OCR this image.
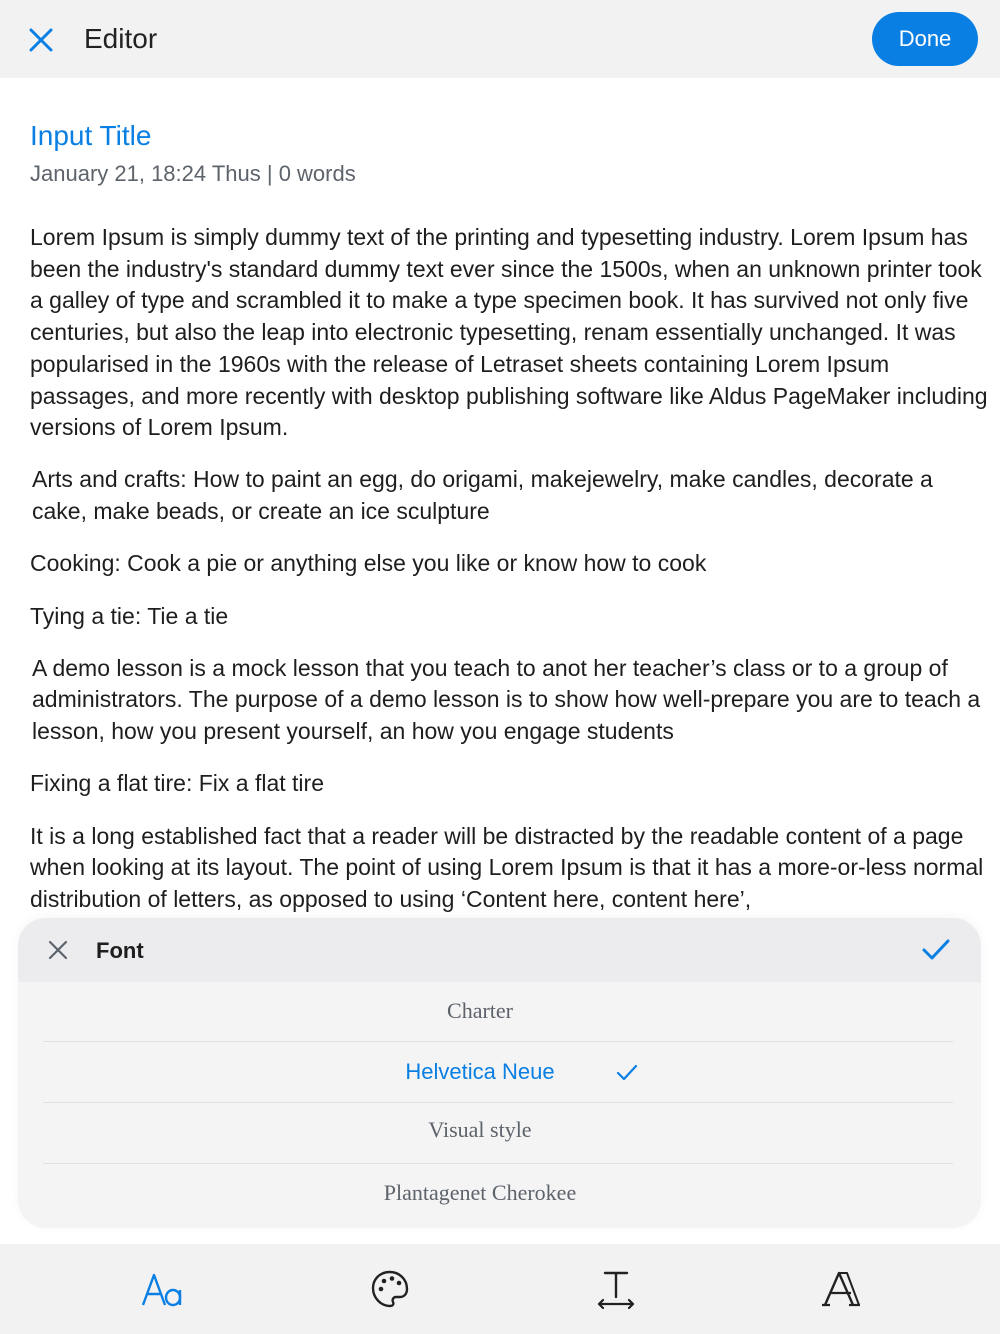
Editor	Done
Input Title
January 21, 18:24 Thus | 0 words

Lorem Ipsum is simply dummy text of the printing and typesetting industry. Lorem Ipsum has been the industry's standard dummy text ever since the 1500s, when an unknown printer took a galley of type and scrambled it to make a type specimen book. It has survived not only five centuries, but also the leap into electronic typesetting, renam essentially unchanged. It was popularised in the 1960s with the release of Letraset sheets containing Lorem Ipsum passages, and more recently with desktop publishing software like Aldus PageMaker including versions of Lorem Ipsum.

Arts and crafts: How to paint an egg, do origami, makejewelry, make candles, decorate a cake, make beads, or create an ice sculpture

Cooking: Cook a pie or anything else you like or know how to cook

Tying a tie: Tie a tie

A demo lesson is a mock lesson that you teach to anot her teacher’s class or to a group of administrators. The purpose of a demo lesson is to show how well-prepare you are to teach a lesson, how you present yourself, an how you engage students

Fixing a flat tire: Fix a flat tire

It is a long established fact that a reader will be distracted by the readable content of a page when looking at its layout. The point of using Lorem Ipsum is that it has a more-or-less normal distribution of letters, as opposed to using ‘Content here, content here’,

Font
Charter
Helvetica Neue
Visual style
Plantagenet Cherokee
